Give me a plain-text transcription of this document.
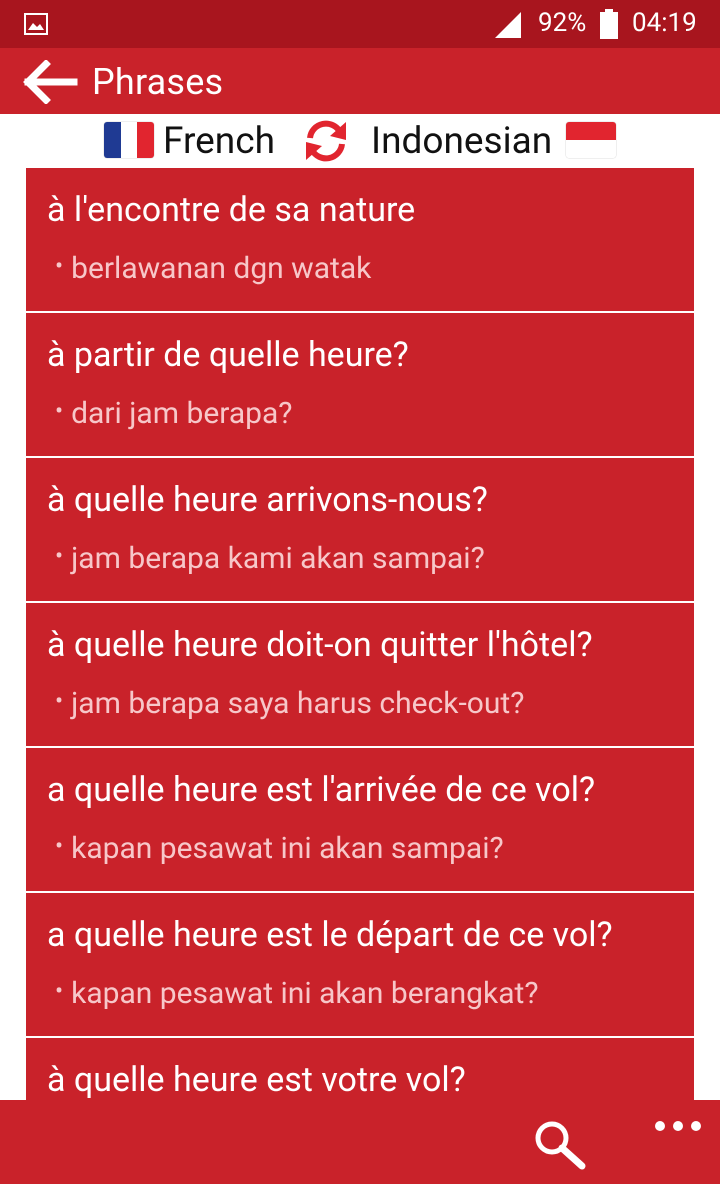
92% 04:19
Phrases
French	Indonesian
à l'encontre de sa nature
• berlawanan dgn watak
à partir de quelle heure?
• dari jam berapa?
à quelle heure arrivons-nous?
• jam berapa kami akan sampai?
à quelle heure doit-on quitter l'hôtel?
• jam berapa saya harus check-out?
a quelle heure est l'arrivée de ce vol?
• kapan pesawat ini akan sampai?
a quelle heure est le départ de ce vol?
• kapan pesawat ini akan berangkat?
à quelle heure est votre vol?
